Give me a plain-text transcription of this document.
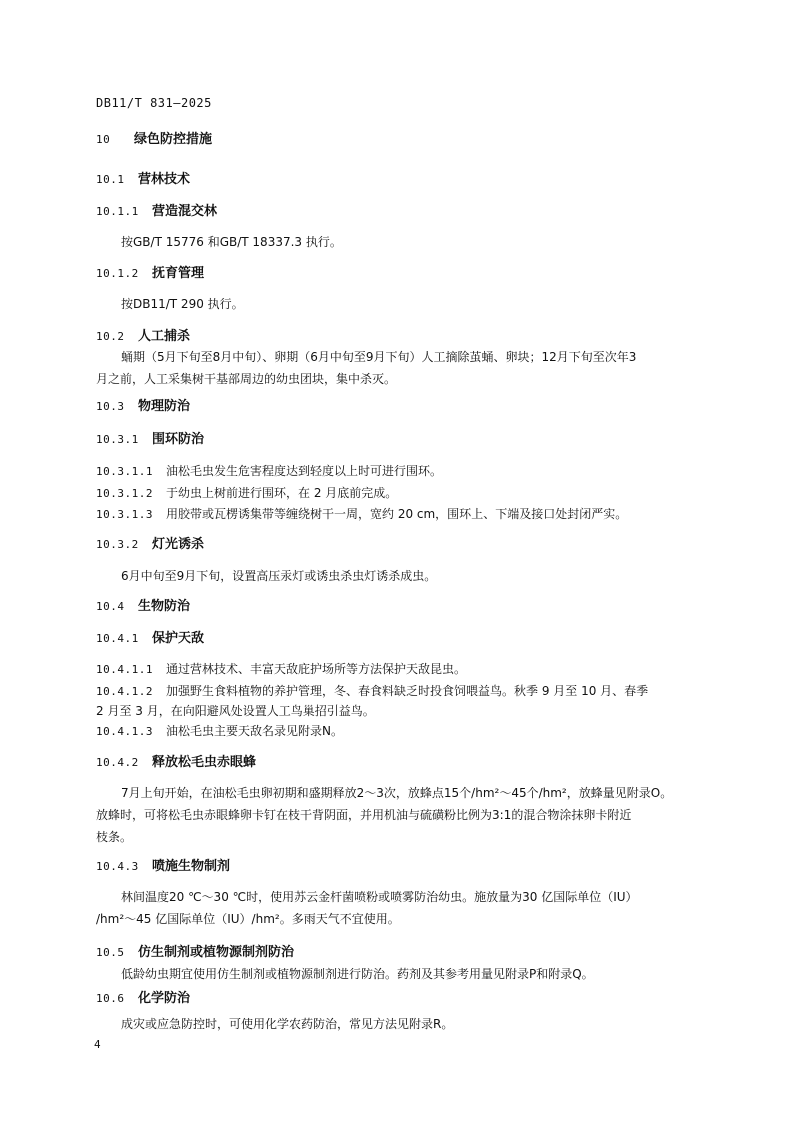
DB11/T 831—2025
10 绿色防控措施
10.1 营林技术
10.1.1 营造混交林
按GB/T 15776 和GB/T 18337.3 执行。
10.1.2 抚育管理
按DB11/T 290 执行。
10.2 人工捕杀
蛹期（5月下旬至8月中旬）、卵期（6月中旬至9月下旬）人工摘除茧蛹、卵块；12月下旬至次年3
月之前，人工采集树干基部周边的幼虫团块，集中杀灭。
10.3 物理防治
10.3.1 围环防治
10.3.1.1 油松毛虫发生危害程度达到轻度以上时可进行围环。
10.3.1.2 于幼虫上树前进行围环，在 2 月底前完成。
10.3.1.3 用胶带或瓦楞诱集带等缠绕树干一周，宽约 20 cm，围环上、下端及接口处封闭严实。
10.3.2 灯光诱杀
6月中旬至9月下旬，设置高压汞灯或诱虫杀虫灯诱杀成虫。
10.4 生物防治
10.4.1 保护天敌
10.4.1.1 通过营林技术、丰富天敌庇护场所等方法保护天敌昆虫。
10.4.1.2 加强野生食料植物的养护管理，冬、春食料缺乏时投食饲喂益鸟。秋季 9 月至 10 月、春季
2 月至 3 月，在向阳避风处设置人工鸟巢招引益鸟。
10.4.1.3 油松毛虫主要天敌名录见附录N。
10.4.2 释放松毛虫赤眼蜂
7月上旬开始，在油松毛虫卵初期和盛期释放2～3次，放蜂点15个/hm²～45个/hm²，放蜂量见附录O。
放蜂时，可将松毛虫赤眼蜂卵卡钉在枝干背阴面，并用机油与硫磺粉比例为3:1的混合物涂抹卵卡附近
枝条。
10.4.3 喷施生物制剂
林间温度20 ℃～30 ℃时，使用苏云金杆菌喷粉或喷雾防治幼虫。施放量为30 亿国际单位（IU）
/hm²～45 亿国际单位（IU）/hm²。多雨天气不宜使用。
10.5 仿生制剂或植物源制剂防治
低龄幼虫期宜使用仿生制剂或植物源制剂进行防治。药剂及其参考用量见附录P和附录Q。
10.6 化学防治
成灾或应急防控时，可使用化学农药防治，常见方法见附录R。
4
